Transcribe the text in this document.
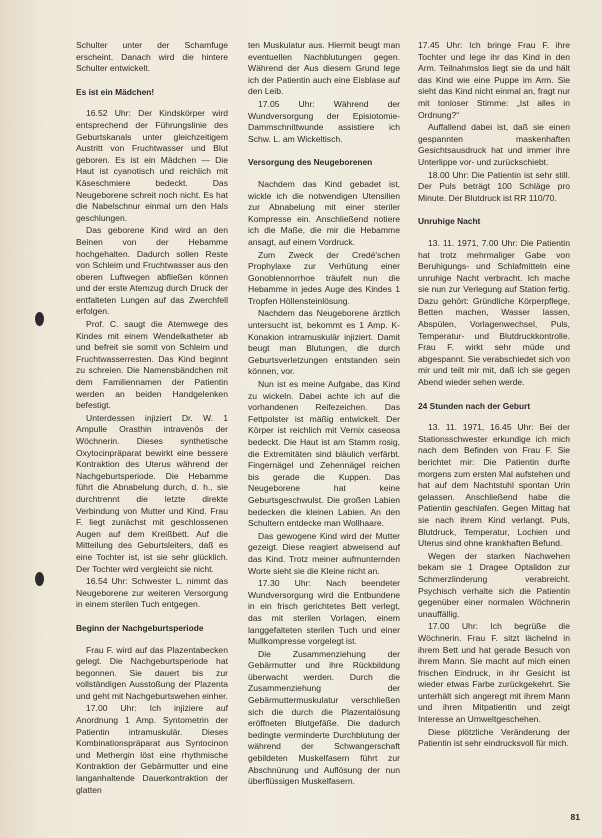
Schulter unter der Schamfuge erscheint. Danach wird die hintere Schulter entwickelt.

Es ist ein Mädchen!

16.52 Uhr: Der Kindskörper wird entsprechend der Führungslinie des Geburtskanals unter gleichzeitigem Austritt von Fruchtwasser und Blut geboren. Es ist ein Mädchen — Die Haut ist cyanotisch und reichlich mit Käseschmiere bedeckt. Das Neugeborene schreit noch nicht. Es hat die Nabelschnur einmal um den Hals geschlungen.

Das geborene Kind wird an den Beinen von der Hebamme hochgehalten. Dadurch sollen Reste von Schleim und Fruchtwasser aus den oberen Luftwegen abfließen können und der erste Atemzug durch Druck der entfalteten Lungen auf das Zwerchfell erfolgen.

Prof. C. saugt die Atemwege des Kindes mit einem Wendelkatheter ab und befreit sie somit von Schleim und Fruchtwasserresten. Das Kind beginnt zu schreien. Die Namensbändchen mit dem Familiennamen der Patientin werden an beiden Handgelenken befestigt.

Unterdessen injiziert Dr. W. 1 Ampulle Orasthin intravenös der Wöchnerin. Dieses synthetische Oxytocinpräparat bewirkt eine bessere Kontraktion des Uterus während der Nachgeburtsperiode. Die Hebamme führt die Abnabelung durch, d. h., sie durchtrennt die letzte direkte Verbindung von Mutter und Kind. Frau F. liegt zunächst mit geschlossenen Augen auf dem Kreißbett. Auf die Mitteilung des Geburtsleiters, daß es eine Tochter ist, ist sie sehr glücklich. Der Tochter wird vergleicht sie nicht.

16.54 Uhr: Schwester L. nimmt das Neugeborene zur weiteren Versorgung in einem sterilen Tuch entgegen.

Beginn der Nachgeburtsperiode

Frau F. wird auf das Plazentabecken gelegt. Die Nachgeburtsperiode hat begonnen. Sie dauert bis zur vollständigen Ausstoßung der Plazenta und geht mit Nachgeburtswehen einher.

17.00 Uhr: Ich injiziere auf Anordnung 1 Amp. Syntometrin der Patientin intramuskulär. Dieses Kombinationspräparat aus Syntocinon und Methergin löst eine rhythmische Kontraktion der Gebärmutter und eine langanhaltende Dauerkontraktion der glatten

ten Muskulatur aus. Hiermit beugt man eventuellen Nachblutungen gegen. Während der Aus diesem Grund lege ich der Patientin auch eine Eisblase auf den Leib.

17.05 Uhr: Während der Wundversorgung der Episiotomie-Dammschnittwunde assistiere ich Schw. L. am Wickeltisch.

Versorgung des Neugeborenen

Nachdem das Kind gebadet ist, wickle ich die notwendigen Utensilien zur Abnabelung mit einer steriler Kompresse ein. Anschließend notiere ich die Maße, die mir die Hebamme ansagt, auf einem Vordruck.

Zum Zweck der Credé'schen Prophylaxe zur Verhütung einer Gonoblennorrhoe träufelt nun die Hebamme in jedes Auge des Kindes 1 Tropfen Höllensteinlösung.

Nachdem das Neugeborene ärztlich untersucht ist, bekommt es 1 Amp. K-Konakion intramuskulär injiziert. Damit beugt man Blutungen, die durch Geburtsverletzungen entstanden sein können, vor.

Nun ist es meine Aufgabe, das Kind zu wickeln. Dabei achte ich auf die vorhandenen Reifezeichen. Das Fettpolster ist mäßig entwickelt. Der Körper ist reichlich mit Vernix caseosa bedeckt. Die Haut ist am Stamm rosig, die Extremitäten sind bläulich verfärbt. Fingernägel und Zehennägel reichen bis gerade die Kuppen. Das Neugeborene hat keine Geburtsgeschwulst. Die großen Labien bedecken die kleinen Labien. An den Schultern entdecke man Wollhaare.

Das gewogene Kind wird der Mutter gezeigt. Diese reagiert abweisend auf das Kind. Trotz meiner aufmunternden Worte sieht sie die Kleine nicht an.

17.30 Uhr: Nach beendeter Wundversorgung wird die Entbundene in ein frisch gerichtetes Bett verlegt, das mit sterilen Vorlagen, einem langgefalteten sterilen Tuch und einer Mullkompresse vorgelegt ist.

Die Zusammenziehung der Gebärmutter und ihre Rückbildung überwacht werden. Durch die Zusammenziehung der Gebärmuttermuskulatur verschließen sich die durch die Plazentalösung eröffneten Blutgefäße. Die dadurch bedingte verminderte Durchblutung der während der Schwangerschaft gebildeten Muskelfasern führt zur Abschnürung und Auflösung der nun überflüssigen Muskelfasern.

17.45 Uhr: Ich bringe Frau F. ihre Tochter und lege ihr das Kind in den Arm. Teilnahmslos liegt sie da und hält das Kind wie eine Puppe im Arm. Sie sieht das Kind nicht einmal an, fragt nur mit tonloser Stimme: „Ist alles in Ordnung?“

Auffallend dabei ist, daß sie einen gespannten maskenhaften Gesichtsausdruck hat und immer ihre Unterlippe vor- und zurückschiebt.

18.00 Uhr: Die Patientin ist sehr still. Der Puls beträgt 100 Schläge pro Minute. Der Blutdruck ist RR 110/70.

Unruhige Nacht

13. 11. 1971, 7.00 Uhr: Die Patientin hat trotz mehrmaliger Gabe von Beruhigungs- und Schlafmitteln eine unruhige Nacht verbracht. Ich mache sie nun zur Verlegung auf Station fertig. Dazu gehört: Gründliche Körperpflege, Betten machen, Wasser lassen, Abspülen, Vorlagenwechsel, Puls, Temperatur- und Blutdruckkontrolle. Frau F. wirkt sehr müde und abgespannt. Sie verabschiedet sich von mir und teilt mir mit, daß ich sie gegen Abend wieder sehen werde.

24 Stunden nach der Geburt

13. 11. 1971, 16.45 Uhr: Bei der Stationsschwester erkundige ich mich nach dem Befinden von Frau F. Sie berichtet mir: Die Patientin durfte morgens zum ersten Mal aufstehen und hat auf dem Nachtstuhl spontan Urin gelassen. Anschließend habe die Patientin geschlafen. Gegen Mittag hat sie nach ihrem Kind verlangt. Puls, Blutdruck, Temperatur, Lochien und Uterus sind ohne krankhaften Befund.

Wegen der starken Nachwehen bekam sie 1 Dragee Optalidon zur Schmerzlinderung verabreicht. Psychisch verhalte sich die Patientin gegenüber einer normalen Wöchnerin unauffällig.

17.00 Uhr: Ich begrüße die Wöchnerin. Frau F. sitzt lächelnd in ihrem Bett und hat gerade Besuch von ihrem Mann. Sie macht auf mich einen frischen Eindruck, in ihr Gesicht ist wieder etwas Farbe zurückgekehrt. Sie unterhält sich angeregt mit ihrem Mann und ihren Mitpatientin und zeigt Interesse an Umweltgeschehen.

Diese plötzliche Veränderung der Patientin ist sehr eindrucksvoll für mich.

81
